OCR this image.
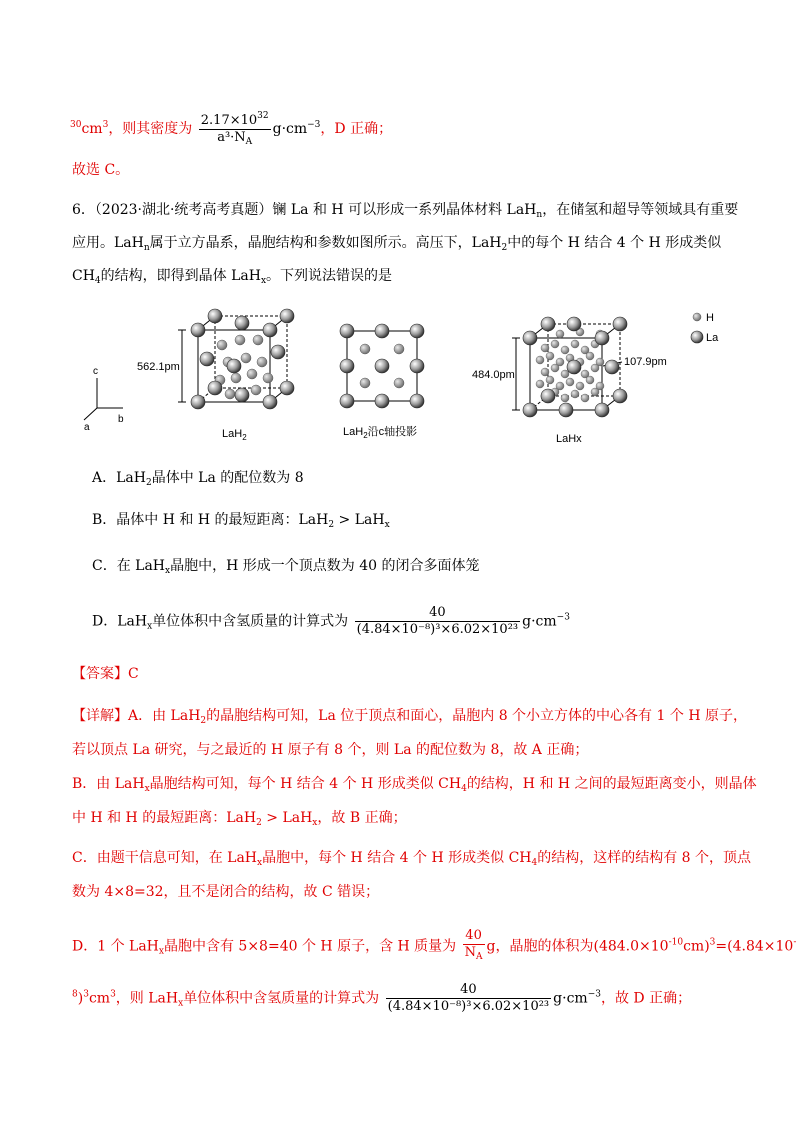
$^{30}cm^3$，则其密度为 $\frac{2.17\times 10^{32}}{a^3\cdot N_A} g\cdot cm^{-3}$，D 正确；
故选 C。
6．（2023·湖北·统考高考真题）镧 La 和 H 可以形成一系列晶体材料 LaH$_n$，在储氢和超导等领域具有重要
应用。LaH$_n$属于立方晶系，晶胞结构和参数如图所示。高压下，LaH$_2$中的每个 H 结合 4 个 H 形成类似
$CH_4$的结构，即得到晶体 LaH$_x$。下列说法错误的是
c
b
a
562.1pm
LaH$_2$	LaH$_2$沿c轴投影
484.0pm
107.9pm
LaHx
H
La
A．LaH$_2$晶体中 La 的配位数为 8
B．晶体中 H 和 H 的最短距离：LaH$_2$ > LaH$_x$
C．在 LaH$_x$晶胞中，H 形成一个顶点数为 40 的闭合多面体笼
D．LaH$_x$单位体积中含氢质量的计算式为 $\frac{40}{\text{(4.84×10⁻⁸)³×6.02×10²³}} g\cdot cm^{-3}$
【答案】C
【详解】A．由 LaH$_2$的晶胞结构可知，La 位于顶点和面心，晶胞内 8 个小立方体的中心各有 1 个 H 原子，
若以顶点 La 研究，与之最近的 H 原子有 8 个，则 La 的配位数为 8，故 A 正确；
B．由 LaH$_x$晶胞结构可知，每个 H 结合 4 个 H 形成类似 $CH_4$的结构，H 和 H 之间的最短距离变小，则晶体
中 H 和 H 的最短距离：LaH$_2$ > LaH$_x$，故 B 正确；
C．由题干信息可知，在 LaH$_x$晶胞中，每个 H 结合 4 个 H 形成类似 $CH_4$的结构，这样的结构有 8 个，顶点
数为 4×8=32，且不是闭合的结构，故 C 错误；
D．1 个 LaH$_x$晶胞中含有 5×8=40 个 H 原子，含 H 质量为 $\frac{40}{N_A}$ g，晶胞的体积为$(484.0\times 10^{-10}cm)^3=(4.84\times 10^-$
$^8)^3cm^3$，则 LaH$_x$单位体积中含氢质量的计算式为 $\frac{40}{\text{(4.84×10⁻⁸)³×6.02×10²³}} g\cdot cm^{-3}$，故 D 正确；
